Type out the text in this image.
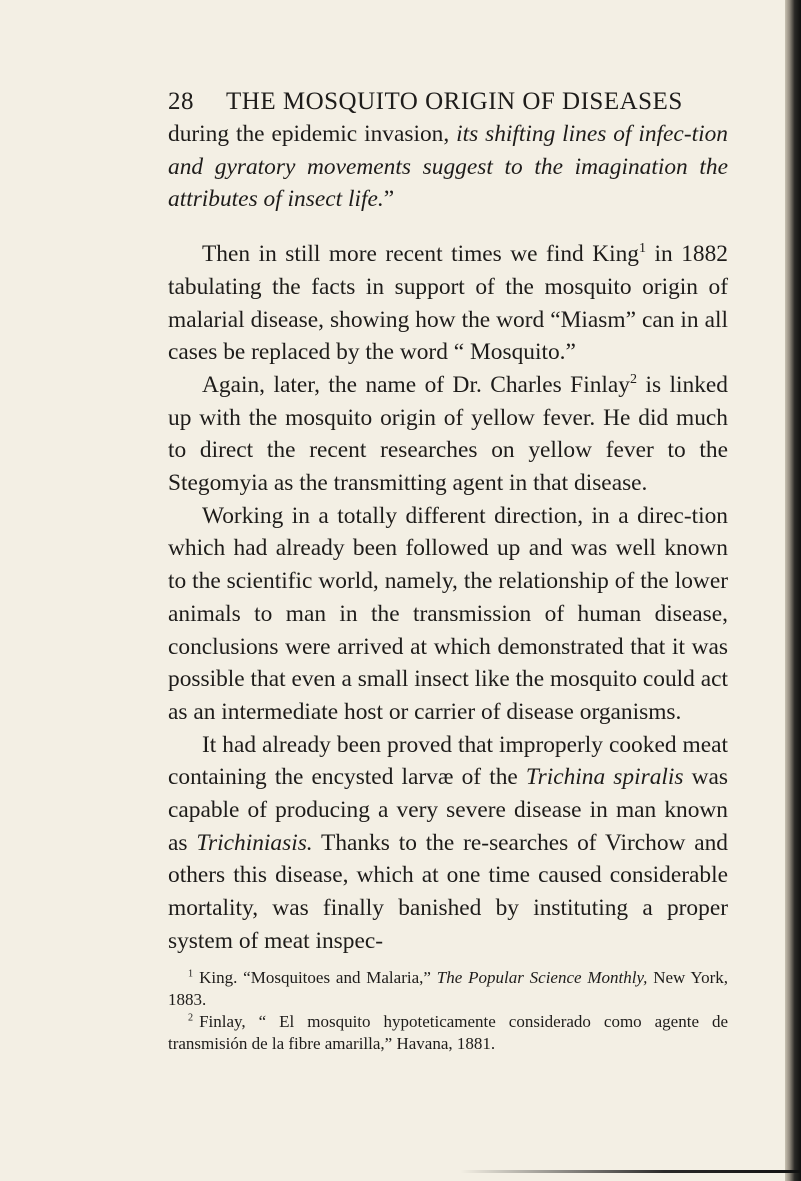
28 THE MOSQUITO ORIGIN OF DISEASES

during the epidemic invasion, its shifting lines of infec-tion and gyratory movements suggest to the imagination the attributes of insect life.”

Then in still more recent times we find King$^1$ in 1882 tabulating the facts in support of the mosquito origin of malarial disease, showing how the word “Miasm” can in all cases be replaced by the word “ Mosquito.”

Again, later, the name of Dr. Charles Finlay$^2$ is linked up with the mosquito origin of yellow fever. He did much to direct the recent researches on yellow fever to the Stegomyia as the transmitting agent in that disease.

Working in a totally different direction, in a direc-tion which had already been followed up and was well known to the scientific world, namely, the relationship of the lower animals to man in the transmission of human disease, conclusions were arrived at which demonstrated that it was possible that even a small insect like the mosquito could act as an intermediate host or carrier of disease organisms.

It had already been proved that improperly cooked meat containing the encysted larvæ of the Trichina spiralis was capable of producing a very severe disease in man known as Trichiniasis. Thanks to the re-searches of Virchow and others this disease, which at one time caused considerable mortality, was finally banished by instituting a proper system of meat inspec-

$^1$ King. “Mosquitoes and Malaria,” The Popular Science Monthly, New York, 1883.
$^2$ Finlay, “ El mosquito hypoteticamente considerado como agente de transmisión de la fibre amarilla,” Havana, 1881.
